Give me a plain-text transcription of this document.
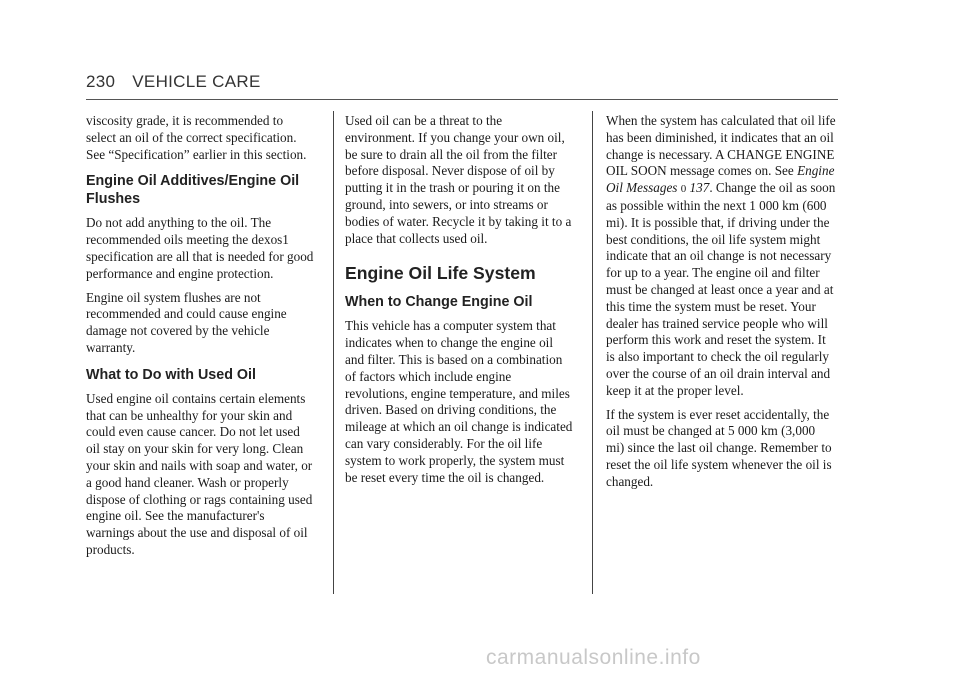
230 VEHICLE CARE

viscosity grade, it is recommended to select an oil of the correct specification. See “Specification” earlier in this section.

Engine Oil Additives/Engine Oil Flushes

Do not add anything to the oil. The recommended oils meeting the dexos1 specification are all that is needed for good performance and engine protection.

Engine oil system flushes are not recommended and could cause engine damage not covered by the vehicle warranty.

What to Do with Used Oil

Used engine oil contains certain elements that can be unhealthy for your skin and could even cause cancer. Do not let used oil stay on your skin for very long. Clean your skin and nails with soap and water, or a good hand cleaner. Wash or properly dispose of clothing or rags containing used engine oil. See the manufacturer's warnings about the use and disposal of oil products.

Used oil can be a threat to the environment. If you change your own oil, be sure to drain all the oil from the filter before disposal. Never dispose of oil by putting it in the trash or pouring it on the ground, into sewers, or into streams or bodies of water. Recycle it by taking it to a place that collects used oil.

Engine Oil Life System
When to Change Engine Oil

This vehicle has a computer system that indicates when to change the engine oil and filter. This is based on a combination of factors which include engine revolutions, engine temperature, and miles driven. Based on driving conditions, the mileage at which an oil change is indicated can vary considerably. For the oil life system to work properly, the system must be reset every time the oil is changed.

When the system has calculated that oil life has been diminished, it indicates that an oil change is necessary. A CHANGE ENGINE OIL SOON message comes on. See Engine Oil Messages 0 137. Change the oil as soon as possible within the next 1 000 km (600 mi). It is possible that, if driving under the best conditions, the oil life system might indicate that an oil change is not necessary for up to a year. The engine oil and filter must be changed at least once a year and at this time the system must be reset. Your dealer has trained service people who will perform this work and reset the system. It is also important to check the oil regularly over the course of an oil drain interval and keep it at the proper level.

If the system is ever reset accidentally, the oil must be changed at 5 000 km (3,000 mi) since the last oil change. Remember to reset the oil life system whenever the oil is changed.

carmanualsonline.info
